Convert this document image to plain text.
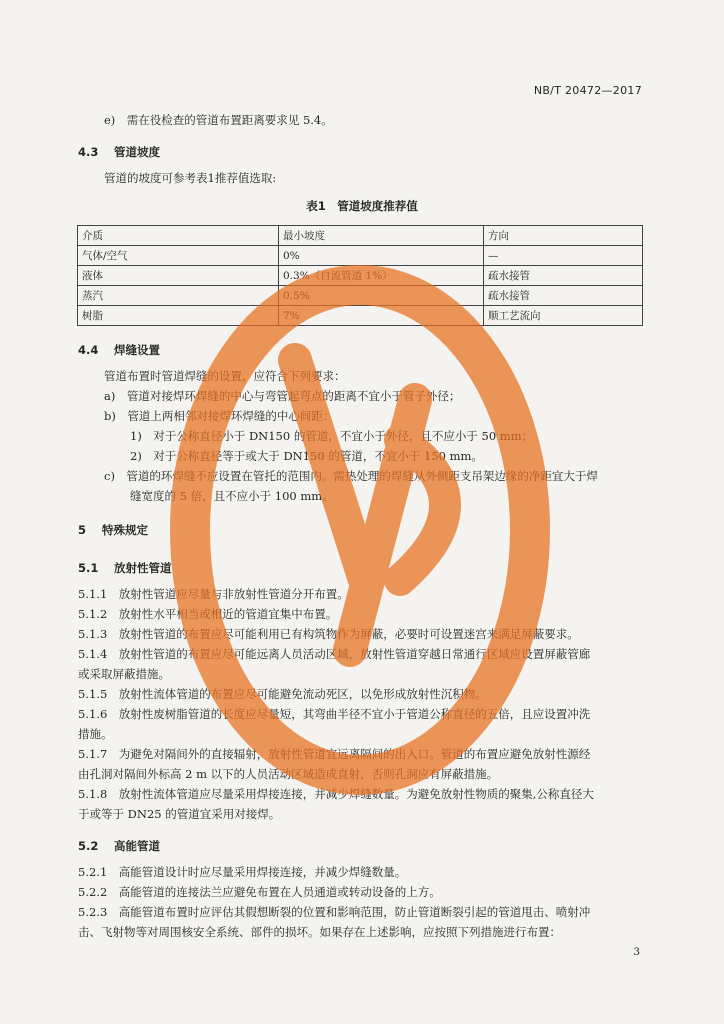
NB/T 20472—2017
e)　需在役检查的管道布置距离要求见 5.4。
4.3 管道坡度
管道的坡度可参考表1推荐值选取:
表1　管道坡度推荐值
介质	最小坡度	方向
气体/空气	0%	—
液体	0.3%（自流管道 1%）	疏水接管
蒸汽	0.5%	疏水接管
树脂	7%	顺工艺流向
4.4 焊缝设置
管道布置时管道焊缝的设置，应符合下列要求：
a)　管道对接焊环焊缝的中心与弯管起弯点的距离不宜小于管子外径；
b)　管道上两相邻对接焊环焊缝的中心间距：
1)　对于公称直径小于 DN150 的管道，不宜小于外径，且不应小于 50 mm；
2)　对于公称直径等于或大于 DN150 的管道，不宜小于 150 mm。
c)　管道的环焊缝不应设置在管托的范围内。需热处理的焊缝从外侧距支吊架边缘的净距宜大于焊
缝宽度的 5 倍，且不应小于 100 mm。
5 特殊规定
5.1 放射性管道
5.1.1　放射性管道应尽量与非放射性管道分开布置。
5.1.2　放射性水平相当或相近的管道宜集中布置。
5.1.3　放射性管道的布置应尽可能利用已有构筑物作为屏蔽，必要时可设置迷宫来满足屏蔽要求。
5.1.4　放射性管道的布置应尽可能远离人员活动区域，放射性管道穿越日常通行区域应设置屏蔽管廊
或采取屏蔽措施。
5.1.5　放射性流体管道的布置应尽可能避免流动死区，以免形成放射性沉积物。
5.1.6　放射性废树脂管道的长度应尽量短，其弯曲半径不宜小于管道公称直径的五倍，且应设置冲洗
措施。
5.1.7　为避免对隔间外的直接辐射，放射性管道宜远离隔间的出入口。管道的布置应避免放射性源经
由孔洞对隔间外标高 2 m 以下的人员活动区域造成直射，否则孔洞应有屏蔽措施。
5.1.8　放射性流体管道应尽量采用焊接连接，并减少焊缝数量。为避免放射性物质的聚集,公称直径大
于或等于 DN25 的管道宜采用对接焊。
5.2 高能管道
5.2.1　高能管道设计时应尽量采用焊接连接，并减少焊缝数量。
5.2.2　高能管道的连接法兰应避免布置在人员通道或转动设备的上方。
5.2.3　高能管道布置时应评估其假想断裂的位置和影响范围，防止管道断裂引起的管道甩击、喷射冲
击、飞射物等对周围核安全系统、部件的损坏。如果存在上述影响，应按照下列措施进行布置：
3
